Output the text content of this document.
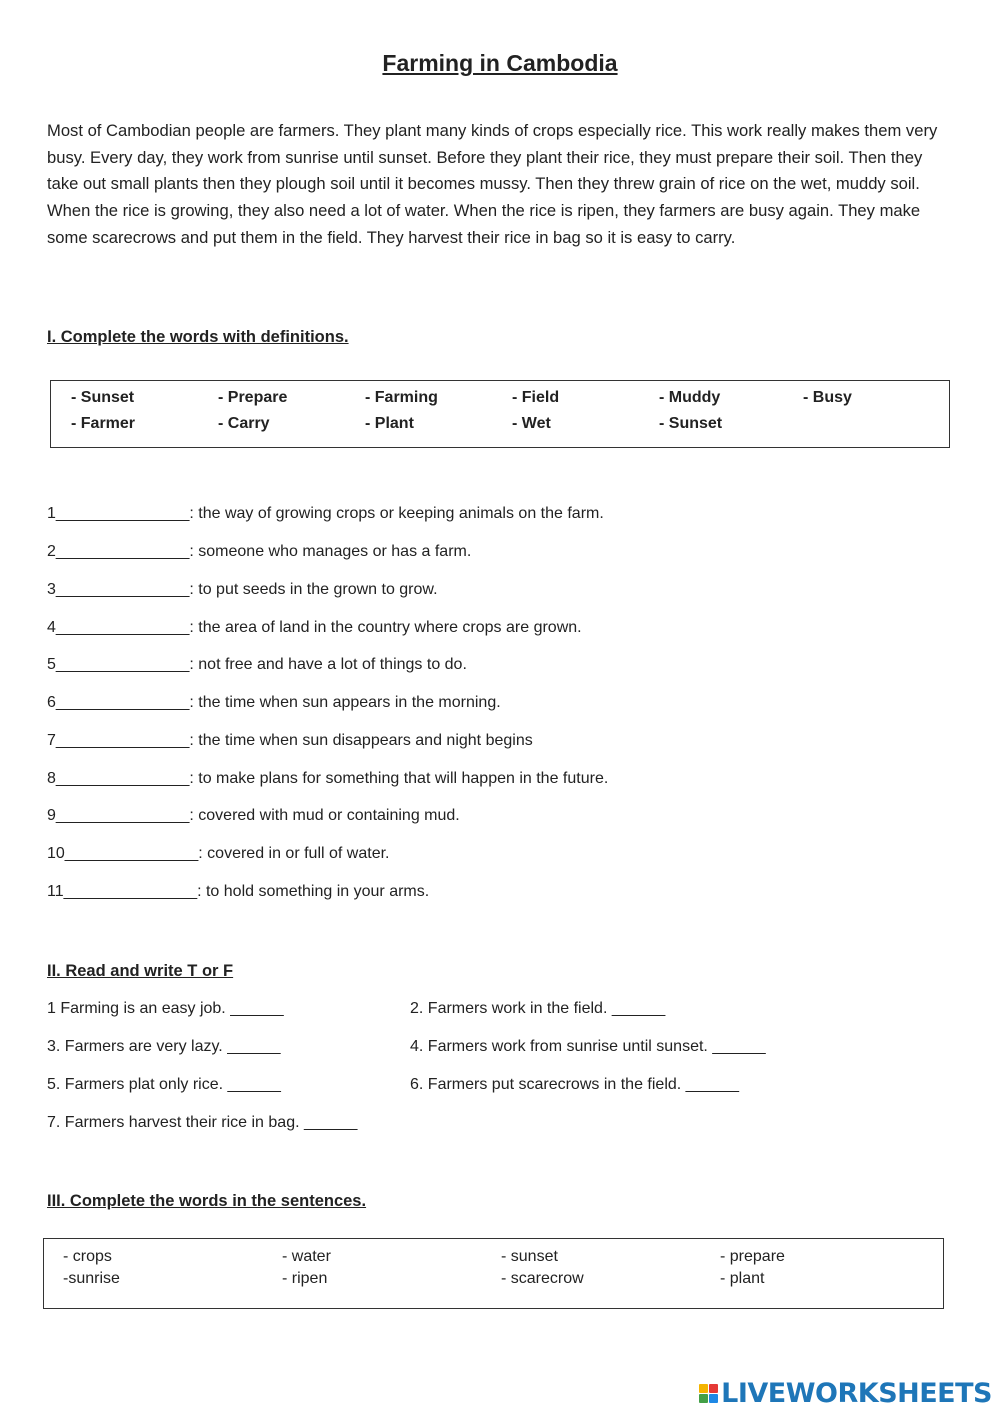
Farming in Cambodia

Most of Cambodian people are farmers. They plant many kinds of crops especially rice. This work really makes them very busy. Every day, they work from sunrise until sunset. Before they plant their rice, they must prepare their soil. Then they take out small plants then they plough soil until it becomes mussy. Then they threw grain of rice on the wet, muddy soil. When the rice is growing, they also need a lot of water. When the rice is ripen, they farmers are busy again. They make some scarecrows and put them in the field. They harvest their rice in bag so it is easy to carry.

I. Complete the words with definitions.
- Sunset	- Prepare	- Farming	- Field	- Muddy	- Busy
- Farmer	- Carry	- Plant	- Wet	- Sunset
1_______________: the way of growing crops or keeping animals on the farm.
2_______________: someone who manages or has a farm.
3_______________: to put seeds in the grown to grow.
4_______________: the area of land in the country where crops are grown.
5_______________: not free and have a lot of things to do.
6_______________: the time when sun appears in the morning.
7_______________: the time when sun disappears and night begins
8_______________: to make plans for something that will happen in the future.
9_______________: covered with mud or containing mud.
10_______________: covered in or full of water.
11_______________: to hold something in your arms.
II. Read and write T or F
1 Farming is an easy job. ______	2. Farmers work in the field. ______
3. Farmers are very lazy. ______	4. Farmers work from sunrise until sunset. ______
5. Farmers plat only rice. ______	6. Farmers put scarecrows in the field. ______
7. Farmers harvest their rice in bag. ______
III. Complete the words in the sentences.
- crops	- water	- sunset	- prepare
-sunrise	- ripen	- scarecrow	- plant
LIVEWORKSHEETS
